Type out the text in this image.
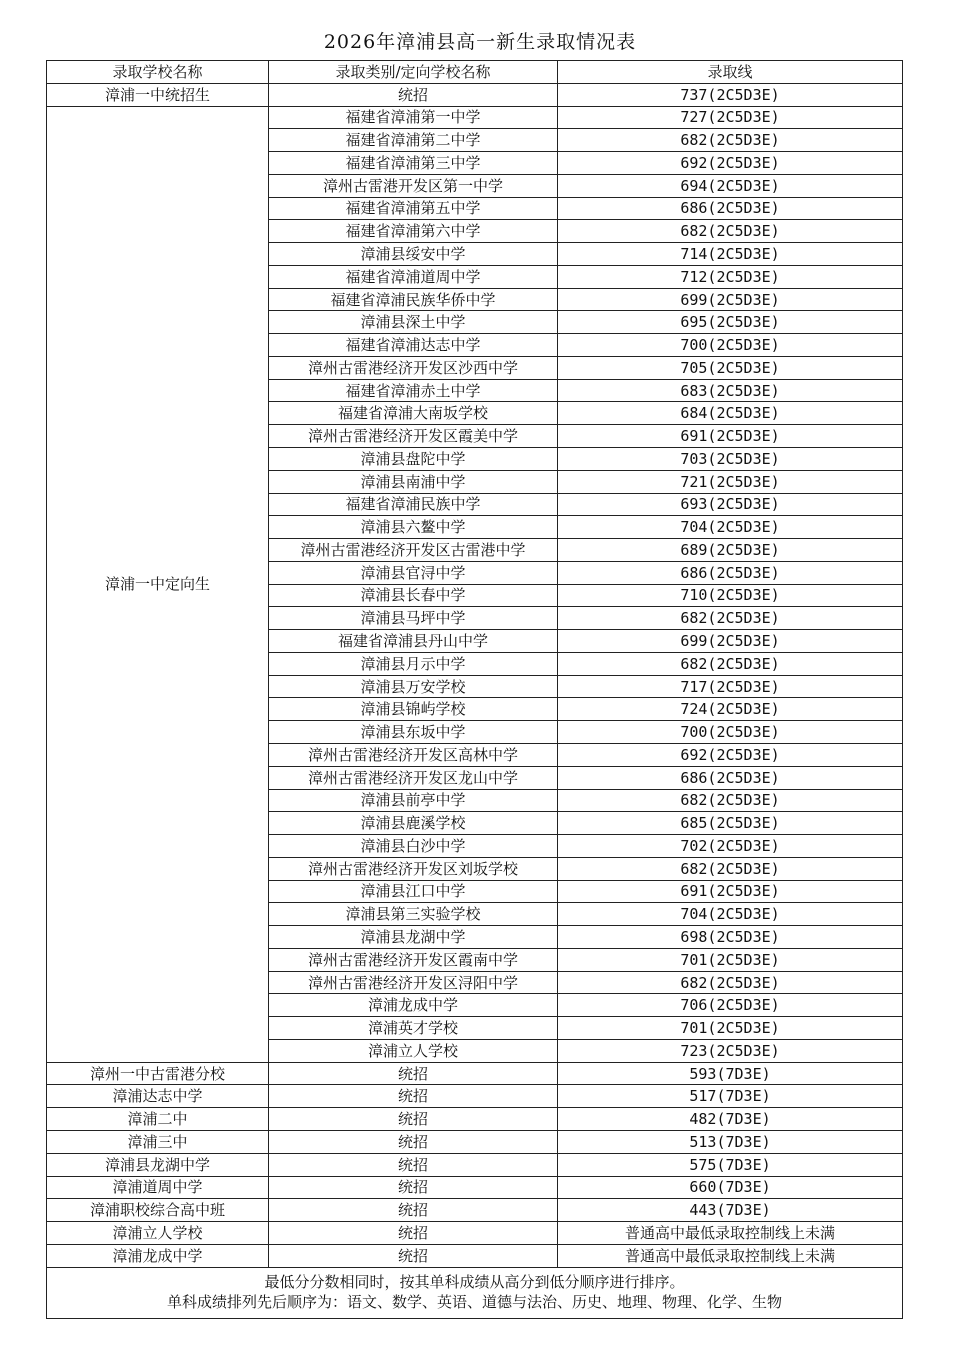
2026年漳浦县高一新生录取情况表
录取学校名称	录取类别/定向学校名称	录取线
漳浦一中统招生	统招	737(2C5D3E)
漳浦一中定向生	福建省漳浦第一中学	727(2C5D3E)
	福建省漳浦第二中学	682(2C5D3E)
	福建省漳浦第三中学	692(2C5D3E)
	漳州古雷港开发区第一中学	694(2C5D3E)
	福建省漳浦第五中学	686(2C5D3E)
	福建省漳浦第六中学	682(2C5D3E)
	漳浦县绥安中学	714(2C5D3E)
	福建省漳浦道周中学	712(2C5D3E)
	福建省漳浦民族华侨中学	699(2C5D3E)
	漳浦县深土中学	695(2C5D3E)
	福建省漳浦达志中学	700(2C5D3E)
	漳州古雷港经济开发区沙西中学	705(2C5D3E)
	福建省漳浦赤土中学	683(2C5D3E)
	福建省漳浦大南坂学校	684(2C5D3E)
	漳州古雷港经济开发区霞美中学	691(2C5D3E)
	漳浦县盘陀中学	703(2C5D3E)
	漳浦县南浦中学	721(2C5D3E)
	福建省漳浦民族中学	693(2C5D3E)
	漳浦县六鳌中学	704(2C5D3E)
	漳州古雷港经济开发区古雷港中学	689(2C5D3E)
	漳浦县官浔中学	686(2C5D3E)
	漳浦县长春中学	710(2C5D3E)
	漳浦县马坪中学	682(2C5D3E)
	福建省漳浦县丹山中学	699(2C5D3E)
	漳浦县月示中学	682(2C5D3E)
	漳浦县万安学校	717(2C5D3E)
	漳浦县锦屿学校	724(2C5D3E)
	漳浦县东坂中学	700(2C5D3E)
	漳州古雷港经济开发区高林中学	692(2C5D3E)
	漳州古雷港经济开发区龙山中学	686(2C5D3E)
	漳浦县前亭中学	682(2C5D3E)
	漳浦县鹿溪学校	685(2C5D3E)
	漳浦县白沙中学	702(2C5D3E)
	漳州古雷港经济开发区刘坂学校	682(2C5D3E)
	漳浦县江口中学	691(2C5D3E)
	漳浦县第三实验学校	704(2C5D3E)
	漳浦县龙湖中学	698(2C5D3E)
	漳州古雷港经济开发区霞南中学	701(2C5D3E)
	漳州古雷港经济开发区浔阳中学	682(2C5D3E)
	漳浦龙成中学	706(2C5D3E)
	漳浦英才学校	701(2C5D3E)
	漳浦立人学校	723(2C5D3E)
漳州一中古雷港分校	统招	593(7D3E)
漳浦达志中学	统招	517(7D3E)
漳浦二中	统招	482(7D3E)
漳浦三中	统招	513(7D3E)
漳浦县龙湖中学	统招	575(7D3E)
漳浦道周中学	统招	660(7D3E)
漳浦职校综合高中班	统招	443(7D3E)
漳浦立人学校	统招	普通高中最低录取控制线上未满
漳浦龙成中学	统招	普通高中最低录取控制线上未满

最低分分数相同时，按其单科成绩从高分到低分顺序进行排序。
单科成绩排列先后顺序为：语文、数学、英语、道德与法治、历史、地理、物理、化学、生物		
